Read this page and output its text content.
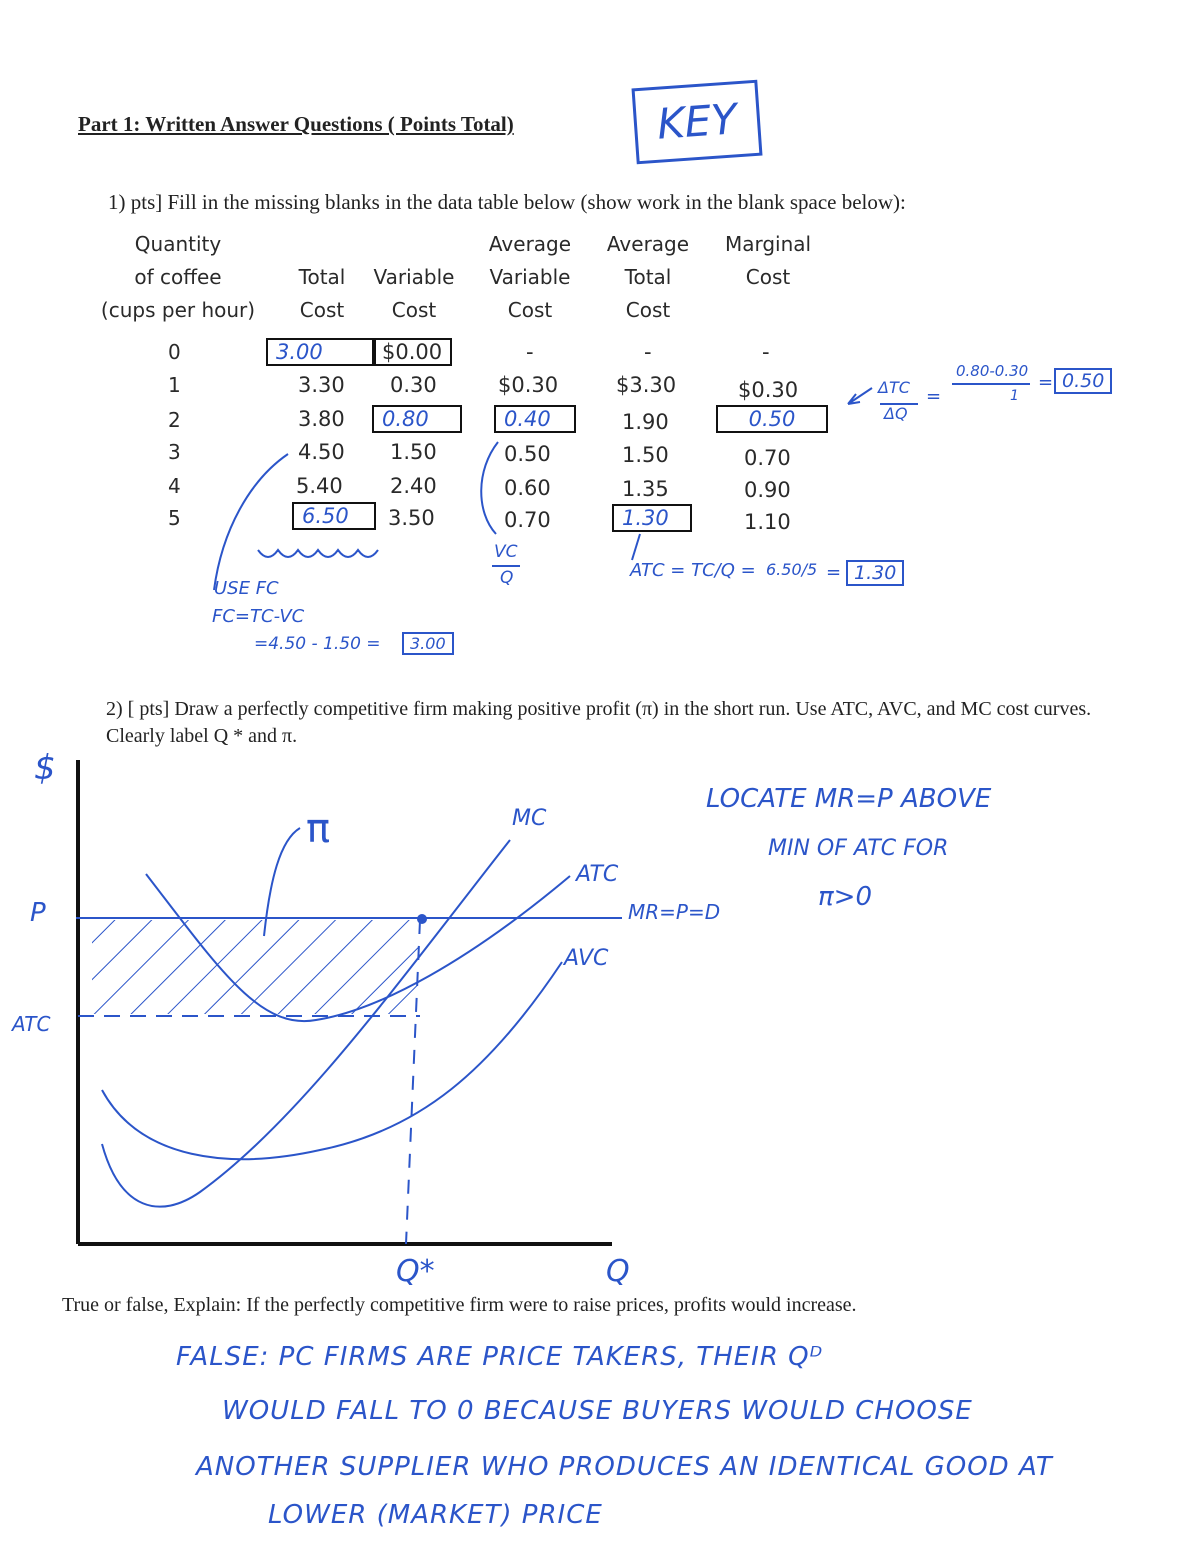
Part 1: Written Answer Questions ( Points Total)	KEY
1) pts] Fill in the missing blanks in the data table below (show work in the blank space below):
Quantity
of coffee
(cups per hour)
Total
Cost
Variable
Cost
Average
Variable
Cost
Average
Total
Cost
Marginal
Cost
0	3.00	$0.00	-	-	-
1	3.30 0.30	$0.30	$3.30	$0.30
2	3.80	0.80	0.40	1.90	0.50
3	4.50 1.50	0.50	1.50	0.70
4	5.40 2.40	0.60	1.35	0.90
5	6.50	3.50	0.70	1.30	1.10
ΔTC
ΔQ
=
0.80-0.30
1
= 0.50
USE FC
FC=TC-VC
=4.50 - 1.50 =	3.00
VC
Q	ATC = TC/Q = 6.50/5 = 1.30
2) [ pts] Draw a perfectly competitive firm making positive profit (π) in the short run. Use ATC, AVC, and MC cost curves. Clearly label Q * and π.
$
P
ATC
π	MC
ATC
MR=P=D
AVC
Q*	Q
LOCATE MR=P ABOVE
MIN OF ATC FOR
π>0
True or false, Explain: If the perfectly competitive firm were to raise prices, profits would increase.
FALSE: PC FIRMS ARE PRICE TAKERS, THEIR Qᴰ
WOULD FALL TO 0 BECAUSE BUYERS WOULD CHOOSE
ANOTHER SUPPLIER WHO PRODUCES AN IDENTICAL GOOD AT
LOWER (MARKET) PRICE
